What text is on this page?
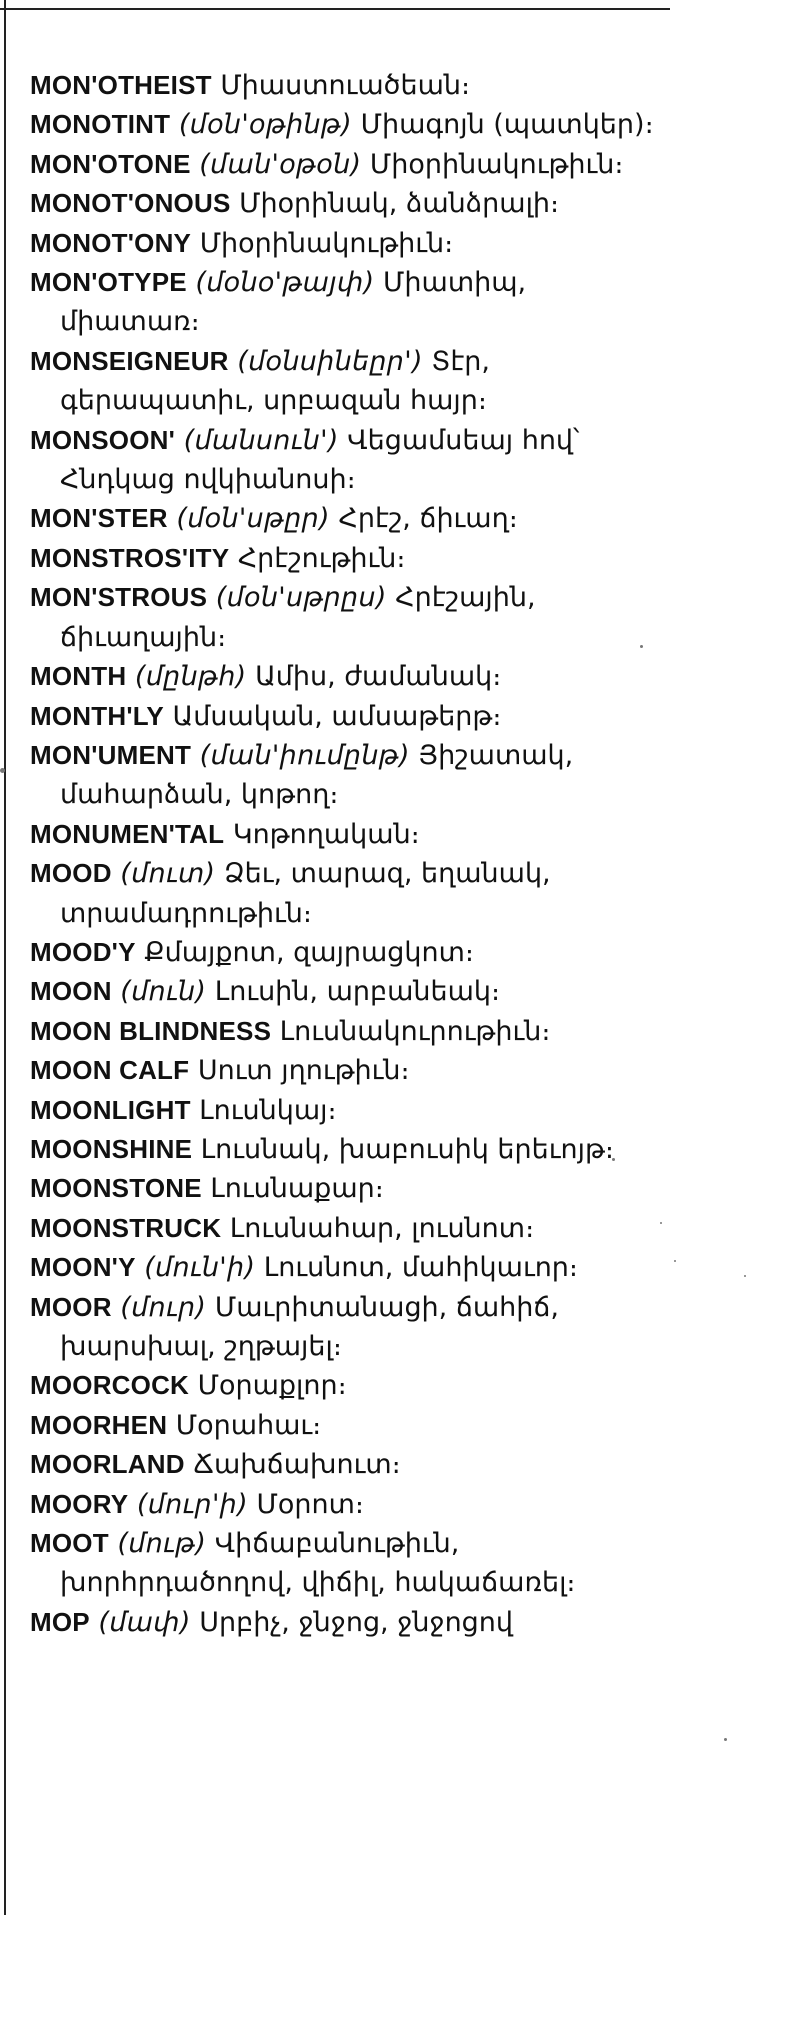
MON'OTHEIST Միաստուածեան։
MONOTINT (մօն'օթինթ) Միագոյն (պատկեր)։
MON'OTONE (ման'օթօն) Միօրինակութիւն։
MONOT'ONOUS Միօրինակ, ձանձրալի։
MONOT'ONY Միօրինակութիւն։
MON'OTYPE (մօնօ'թայփ) Միատիպ, միատառ։
MONSEIGNEUR (մօնսինեըր') Տէր, գերապատիւ, սրբազան հայր։
MONSOON' (մանսուն') Վեցամսեայ հով՝ Հնդկաց ովկիանոսի։
MON'STER (մօն'սթըր) Հրէշ, ճիւաղ։
MONSTROS'ITY Հրէշութիւն։
MON'STROUS (մօն'սթրըս) Հրէշային, ճիւաղային։
MONTH (մընթհ) Ամիս, ժամանակ։
MONTH'LY Ամսական, ամսաթերթ։
MON'UMENT (ման'իումընթ) Յիշատակ, մահարձան, կոթող։
MONUMEN'TAL Կոթողական։
MOOD (մուտ) Ձեւ, տարազ, եղանակ, տրամադրութիւն։
MOOD'Y Քմայքոտ, զայրացկոտ։
MOON (մուն) Լուսին, արբանեակ։
MOON BLINDNESS Լուսնակուրութիւն։
MOON CALF Սուտ յղութիւն։
MOONLIGHT Լուսնկայ։
MOONSHINE Լուսնակ, խաբուսիկ երեւոյթ։
MOONSTONE Լուսնաքար։
MOONSTRUCK Լուսնահար, լուսնոտ։
MOON'Y (մուն'ի) Լուսնոտ, մահիկաւոր։
MOOR (մուր) Մաւրիտանացի, ճահիճ, խարսխալ, շղթայել։
MOORCOCK Մօրաքլոր։
MOORHEN Մօրահաւ։
MOORLAND Ճախճախուտ։
MOORY (մուր'ի) Մօրոտ։
MOOT (մութ) Վիճաբանութիւն, խորհրդածողով, վիճիլ, հակաճառել։
MOP (մափ) Սրբիչ, ջնջոց, ջնջոցով
